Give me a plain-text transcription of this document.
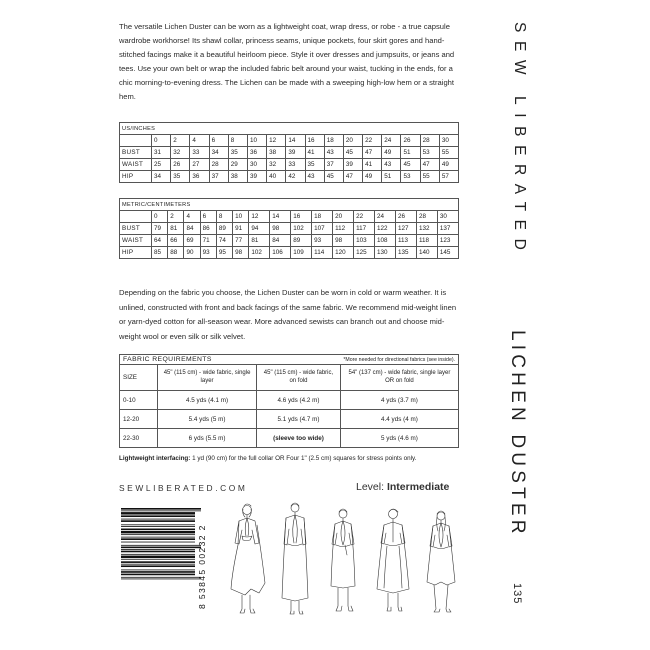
The versatile Lichen Duster can be worn as a lightweight coat, wrap dress, or robe - a true capsule wardrobe workhorse! Its shawl collar, princess seams, unique pockets, four skirt gores and hand-stitched facings make it a beautiful heirloom piece. Style it over dresses and jumpsuits, or jeans and tees. Use your own belt or wrap the included fabric belt around your waist, tucking in the ends, for a chic morning-to-evening dress. The Lichen can be made with a sweeping high-low hem or a straight hem.

US/INCHES																
	0	2	4	6	8	10	12	14	16	18	20	22	24	26	28	30
BUST	31	32	33	34	35	36	38	39	41	43	45	47	49	51	53	55
WAIST	25	26	27	28	29	30	32	33	35	37	39	41	43	45	47	49
HIP	34	35	36	37	38	39	40	42	43	45	47	49	51	53	55	57
METRIC/CENTIMETERS																
	0	2	4	6	8	10	12	14	16	18	20	22	24	26	28	30
BUST	79	81	84	86	89	91	94	98	102	107	112	117	122	127	132	137
WAIST	64	66	69	71	74	77	81	84	89	93	98	103	108	113	118	123
HIP	85	88	90	93	95	98	102	106	109	114	120	125	130	135	140	145

Depending on the fabric you choose, the Lichen Duster can be worn in cold or warm weather. It is unlined, constructed with front and back facings of the same fabric. We recommend mid-weight linen or yarn-dyed cotton for all-season wear. More advanced sewists can branch out and choose mid-weight wool or even silk or silk velvet.

FABRIC REQUIREMENTS		*More needed for directional fabrics (see inside).	
SIZE	45" (115 cm) - wide fabric, single layer	45" (115 cm) - wide fabric, on fold	54" (137 cm) - wide fabric, single layer OR on fold
0-10	4.5 yds (4.1 m)	4.6 yds (4.2 m)	4 yds (3.7 m)
12-20	5.4 yds (5 m)	5.1 yds (4.7 m)	4.4 yds (4 m)
22-30	6 yds (5.5 m)	(sleeve too wide)	5 yds (4.6 m)
Lightweight interfacing: 1 yd (90 cm) for the full collar OR Four 1" (2.5 cm) squares for stress points only.
SEWLIBERATED.COM	Level: Intermediate
8 53845 00232 2
SEW LIBERATED
LICHEN DUSTER
135
